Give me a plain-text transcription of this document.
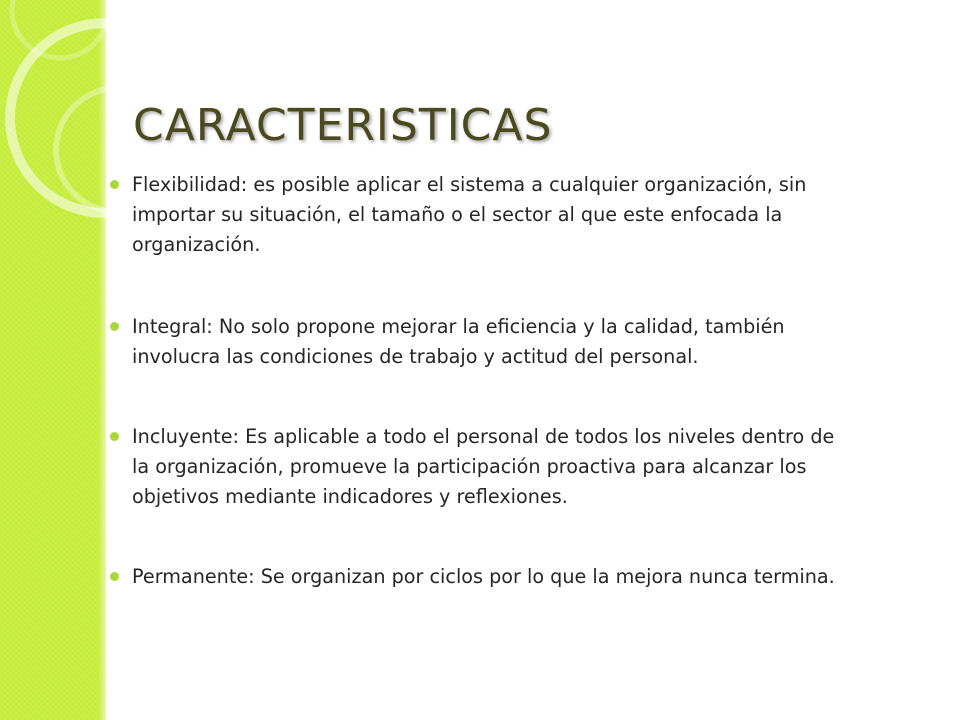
CARACTERISTICAS
Flexibilidad: es posible aplicar el sistema a cualquier organización, sin importar su situación, el tamaño o el sector al que este enfocada la organización.
Integral: No solo propone mejorar la eficiencia y la calidad, también involucra las condiciones de trabajo y actitud del personal.
Incluyente: Es aplicable a todo el personal de todos los niveles dentro de la organización, promueve la participación proactiva para alcanzar los objetivos mediante indicadores y reflexiones.
Permanente: Se organizan por ciclos por lo que la mejora nunca termina.
